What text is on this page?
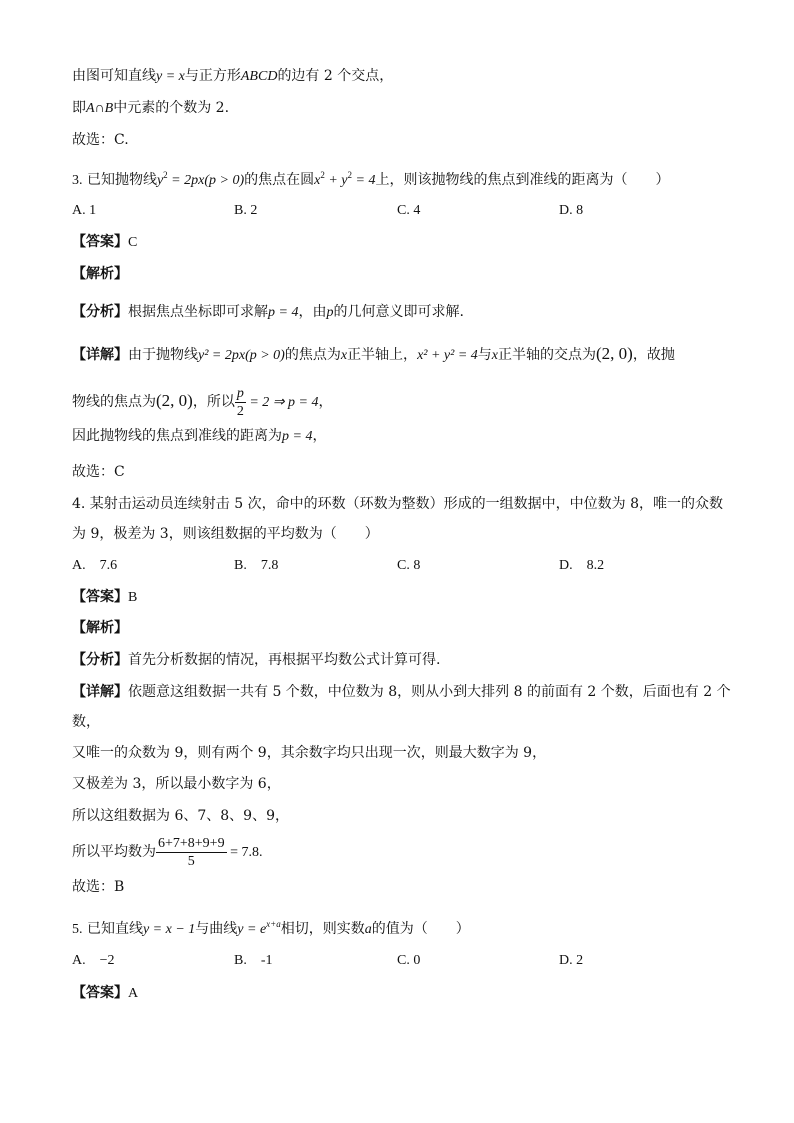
由图可知直线y = x与正方形ABCD的边有 2 个交点，
即A∩B中元素的个数为 2.
故选：C.
3. 已知抛物线$y^2 = 2px(p > 0)$的焦点在圆$x^2 + y^2 = 4$上，则该抛物线的焦点到准线的距离为（　　）
A. 1	B. 2	C. 4	D. 8
【答案】C
【解析】
【分析】根据焦点坐标即可求解p = 4，由p的几何意义即可求解.
【详解】由于抛物线y² = 2px(p > 0)的焦点为x正半轴上，x² + y² = 4与x正半轴的交点为(2, 0)，故抛
物线的焦点为(2, 0)，所以 $\frac{p}{2} = 2$ ⇒ p = 4，
因此抛物线的焦点到准线的距离为p = 4，
故选：C
4. 某射击运动员连续射击 5 次，命中的环数（环数为整数）形成的一组数据中，中位数为 8，唯一的众数
为 9，极差为 3，则该组数据的平均数为（　　）
A.　7.6	B.　7.8	C. 8	D.　8.2
【答案】B
【解析】
【分析】首先分析数据的情况，再根据平均数公式计算可得.
【详解】依题意这组数据一共有 5 个数，中位数为 8，则从小到大排列 8 的前面有 2 个数，后面也有 2 个
数，
又唯一的众数为 9，则有两个 9，其余数字均只出现一次，则最大数字为 9，
又极差为 3，所以最小数字为 6，
所以这组数据为 6、7、8、9、9，
所以平均数为 $\frac{6+7+8+9+9}{5} = 7.8$.
故选：B
5. 已知直线y = x − 1与曲线$y = e^{x+a}$相切，则实数a的值为（　　）
A.　−2	B.　-1	C. 0	D. 2
【答案】A
